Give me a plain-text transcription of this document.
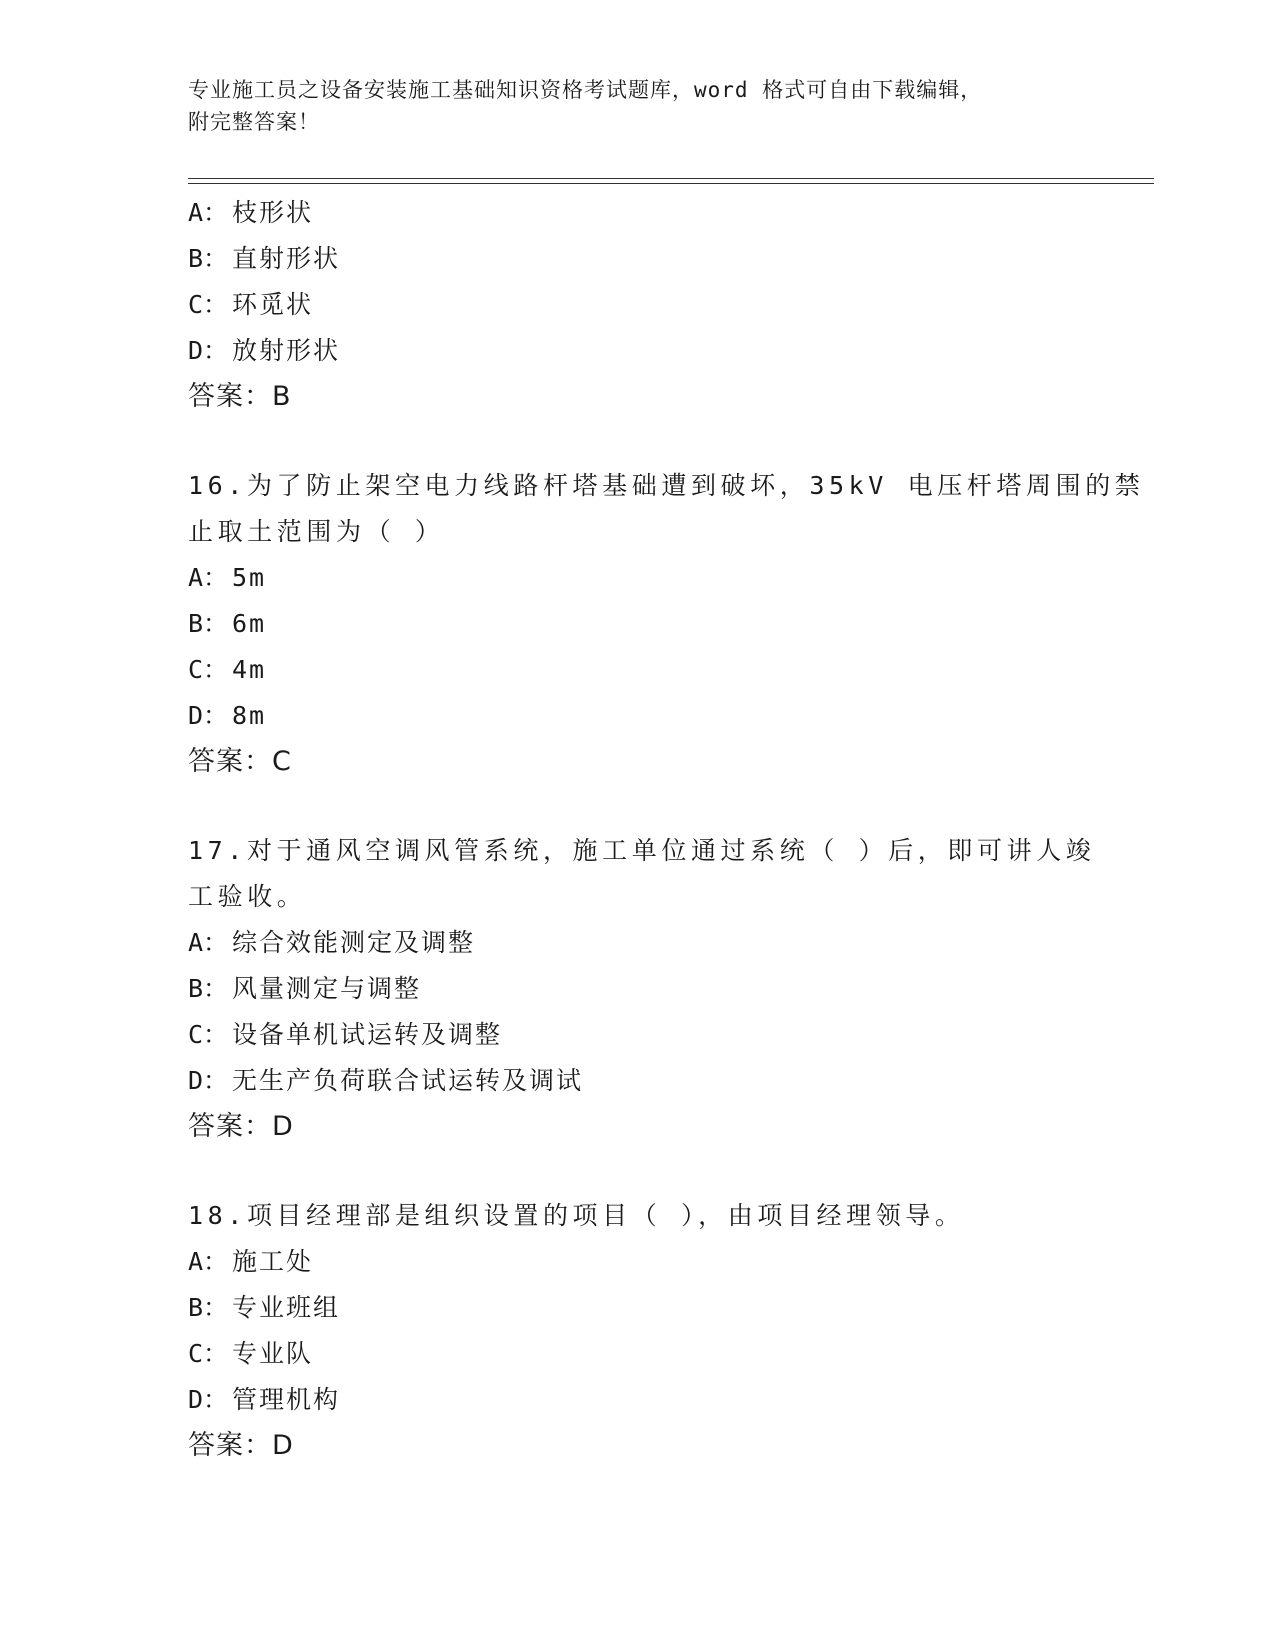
专业施工员之设备安装施工基础知识资格考试题库，word 格式可自由下载编辑，
附完整答案！
A： 枝形状
B： 直射形状
C： 环觅状
D： 放射形状
答案：B
16.为了防止架空电力线路杆塔基础遭到破坏，35kV 电压杆塔周围的禁
止取土范围为（ ）
A： 5m
B： 6m
C： 4m
D： 8m
答案：C
17.对于通风空调风管系统，施工单位通过系统（ ）后，即可讲人竣
工验收。
A： 综合效能测定及调整
B： 风量测定与调整
C： 设备单机试运转及调整
D： 无生产负荷联合试运转及调试
答案：D
18.项目经理部是组织设置的项目（ ），由项目经理领导。
A： 施工处
B： 专业班组
C： 专业队
D： 管理机构
答案：D
